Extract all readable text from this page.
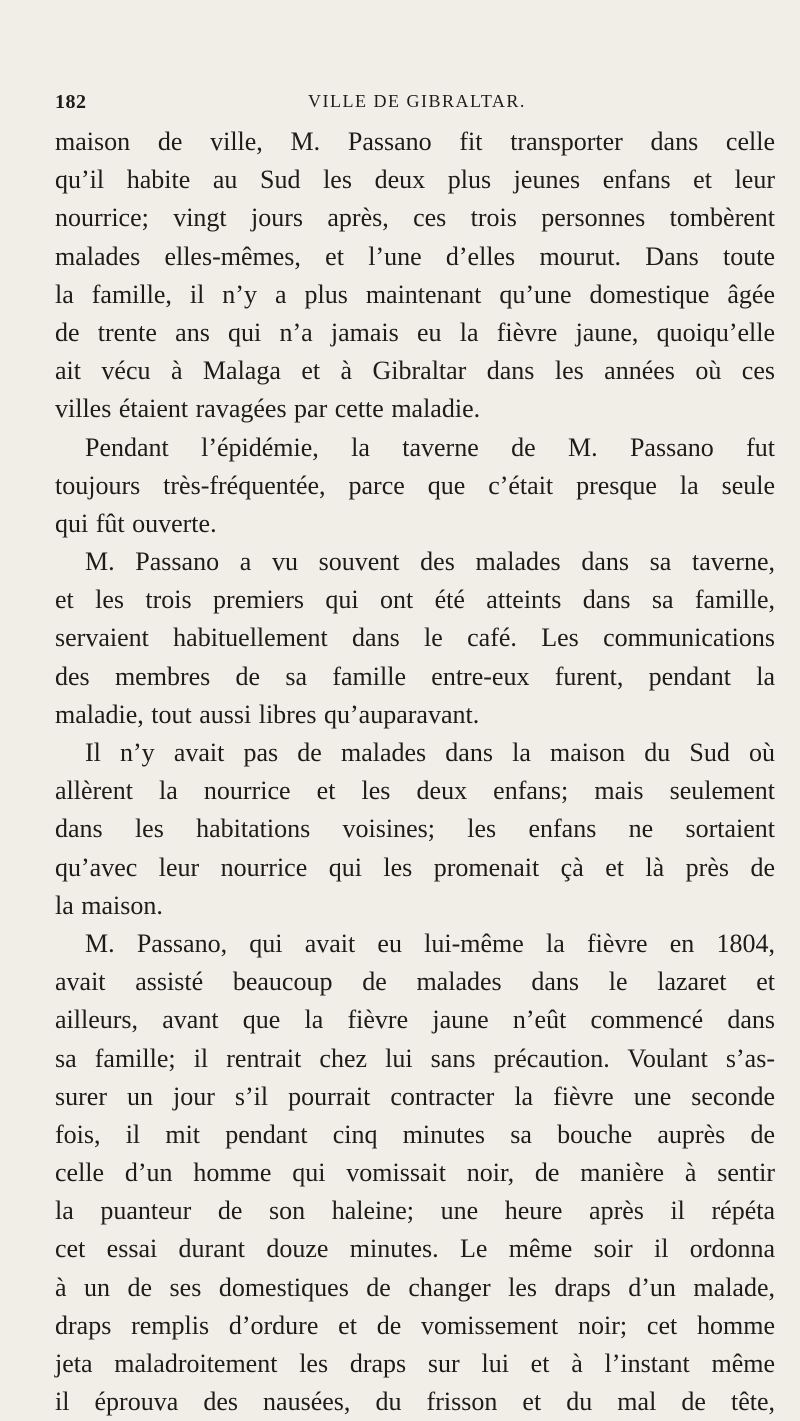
182	VILLE DE GIBRALTAR.
maison de ville, M. Passano fit transporter dans celle
qu’il habite au Sud les deux plus jeunes enfans et leur
nourrice; vingt jours après, ces trois personnes tombèrent
malades elles-mêmes, et l’une d’elles mourut. Dans toute
la famille, il n’y a plus maintenant qu’une domestique âgée
de trente ans qui n’a jamais eu la fièvre jaune, quoiqu’elle
ait vécu à Malaga et à Gibraltar dans les années où ces
villes étaient ravagées par cette maladie.
Pendant l’épidémie, la taverne de M. Passano fut
toujours très-fréquentée, parce que c’était presque la seule
qui fût ouverte.
M. Passano a vu souvent des malades dans sa taverne,
et les trois premiers qui ont été atteints dans sa famille,
servaient habituellement dans le café. Les communications
des membres de sa famille entre-eux furent, pendant la
maladie, tout aussi libres qu’auparavant.
Il n’y avait pas de malades dans la maison du Sud où
allèrent la nourrice et les deux enfans; mais seulement
dans les habitations voisines; les enfans ne sortaient
qu’avec leur nourrice qui les promenait çà et là près de
la maison.
M. Passano, qui avait eu lui-même la fièvre en 1804,
avait assisté beaucoup de malades dans le lazaret et
ailleurs, avant que la fièvre jaune n’eût commencé dans
sa famille; il rentrait chez lui sans précaution. Voulant s’as-
surer un jour s’il pourrait contracter la fièvre une seconde
fois, il mit pendant cinq minutes sa bouche auprès de
celle d’un homme qui vomissait noir, de manière à sentir
la puanteur de son haleine; une heure après il répéta
cet essai durant douze minutes. Le même soir il ordonna
à un de ses domestiques de changer les draps d’un malade,
draps remplis d’ordure et de vomissement noir; cet homme
jeta maladroitement les draps sur lui et à l’instant même
il éprouva des nausées, du frisson et du mal de tête,
